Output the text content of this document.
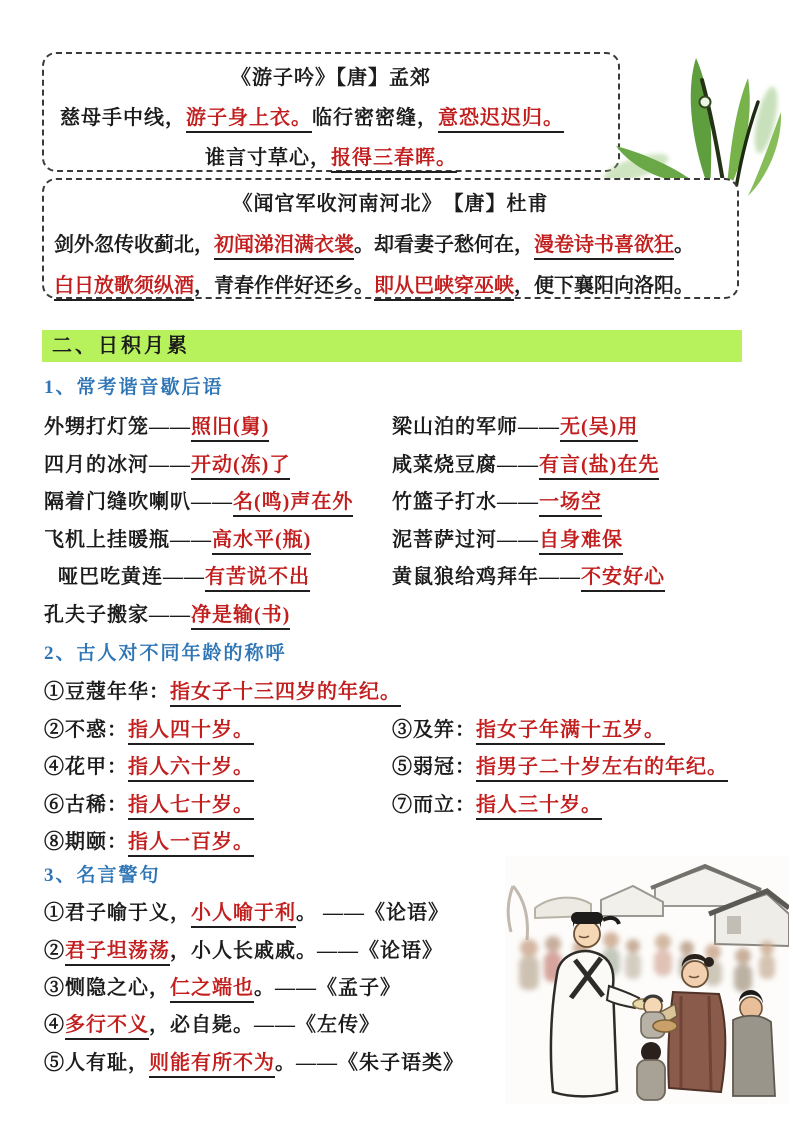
《游子吟》【唐】孟郊
慈母手中线，游子身上衣。临行密密缝，意恐迟迟归。
谁言寸草心，报得三春晖。
《闻官军收河南河北》　【唐】杜甫
剑外忽传收蓟北，初闻涕泪满衣裳。却看妻子愁何在，漫卷诗书喜欲狂。
白日放歌须纵酒，青春作伴好还乡。即从巴峡穿巫峡，便下襄阳向洛阳。
二、日积月累
1、常考谐音歇后语
外甥打灯笼——照旧(舅)
四月的冰河——开动(冻)了
隔着门缝吹喇叭——名(鸣)声在外
飞机上挂暖瓶——高水平(瓶)
哑巴吃黄连——有苦说不出
孔夫子搬家——净是输(书)
梁山泊的军师——无(吴)用
咸菜烧豆腐——有言(盐)在先
竹篮子打水——一场空
泥菩萨过河——自身难保
黄鼠狼给鸡拜年——不安好心
2、古人对不同年龄的称呼
①豆蔻年华：指女子十三四岁的年纪。
②不惑：指人四十岁。
④花甲：指人六十岁。
⑥古稀：指人七十岁。
⑧期颐：指人一百岁。
③及笄：指女子年满十五岁。
⑤弱冠：指男子二十岁左右的年纪。
⑦而立：指人三十岁。
3、名言警句
①君子喻于义，小人喻于利。 ——《论语》
②君子坦荡荡，小人长戚戚。——《论语》
③恻隐之心，仁之端也。——《孟子》
④多行不义，必自毙。——《左传》
⑤人有耻，则能有所不为。——《朱子语类》
